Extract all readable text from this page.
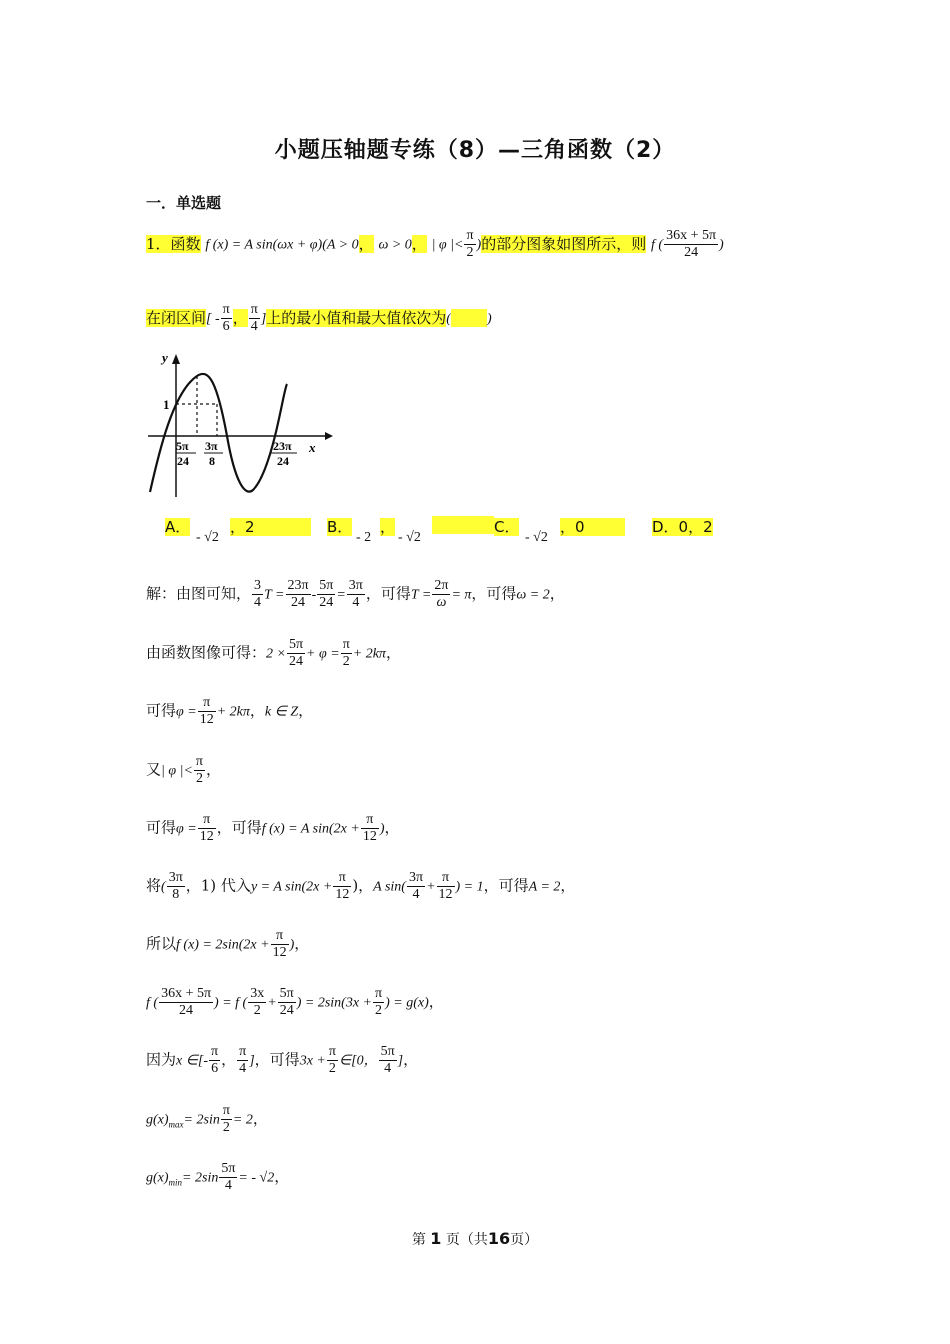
小题压轴题专练（8）—三角函数（2）
一．单选题
1．函数 f (x) = A sin(ωx + φ)(A > 0， ω > 0， | φ |< $\frac{\pi}{2}$ )的部分图象如图所示，则 f ( $\frac{36x + 5\pi}{24}$ )
在闭区间[ - $\frac{\pi}{6}$ ， $\frac{\pi}{4}$ ]上的最小值和最大值依次为(	)
y
x
1
5π
24
3π
8
23π
24
A．
- √2
，2	B．
- 2
，
- √2

C．
- √2
，0	D．0，2
解：由图可知， $\frac{3}{4}$ $T = \frac{23\pi}{24} - \frac{5\pi}{24} = \frac{3\pi}{4}$ ，可得$T = \frac{2\pi}{\omega} = \pi$，可得ω = 2，
由函数图像可得：$2 \times \frac{5\pi}{24} + \varphi = \frac{\pi}{2} + 2k\pi$，
可得$\varphi = \frac{\pi}{12} + 2k\pi$，k ∈ Z，
又| φ |< $\frac{\pi}{2}$ ，
可得$\varphi = \frac{\pi}{12}$ ，可得f (x) = A $\sin(2x + \frac{\pi}{12}$ )，
将( $\frac{3\pi}{8}$ ，1) 代入y = A $\sin(2x + \frac{\pi}{12}$ )，A $\sin( \frac{3\pi}{4} + \frac{\pi}{12}$ ) = 1，可得A = 2，
所以f $(x) = 2\sin(2x + \frac{\pi}{12}$ )，
f ( $\frac{36x + 5\pi}{24}$ ) = f ( $\frac{3x}{2} + \frac{5\pi}{24}$ ) = $2\sin(3x + \frac{\pi}{2}$ ) = g(x)，
因为x ∈[- $\frac{\pi}{6}$ ， $\frac{\pi}{4}$ ]，可得$3x + \frac{\pi}{2}$ ∈[0， $\frac{5\pi}{4}$ ]，
$g(x)_{max}= 2\sin \frac{\pi}{2} = 2$，
$g(x)_{min}= 2\sin \frac{5\pi}{4}$ = - √2，
第 1 页（共16页）
